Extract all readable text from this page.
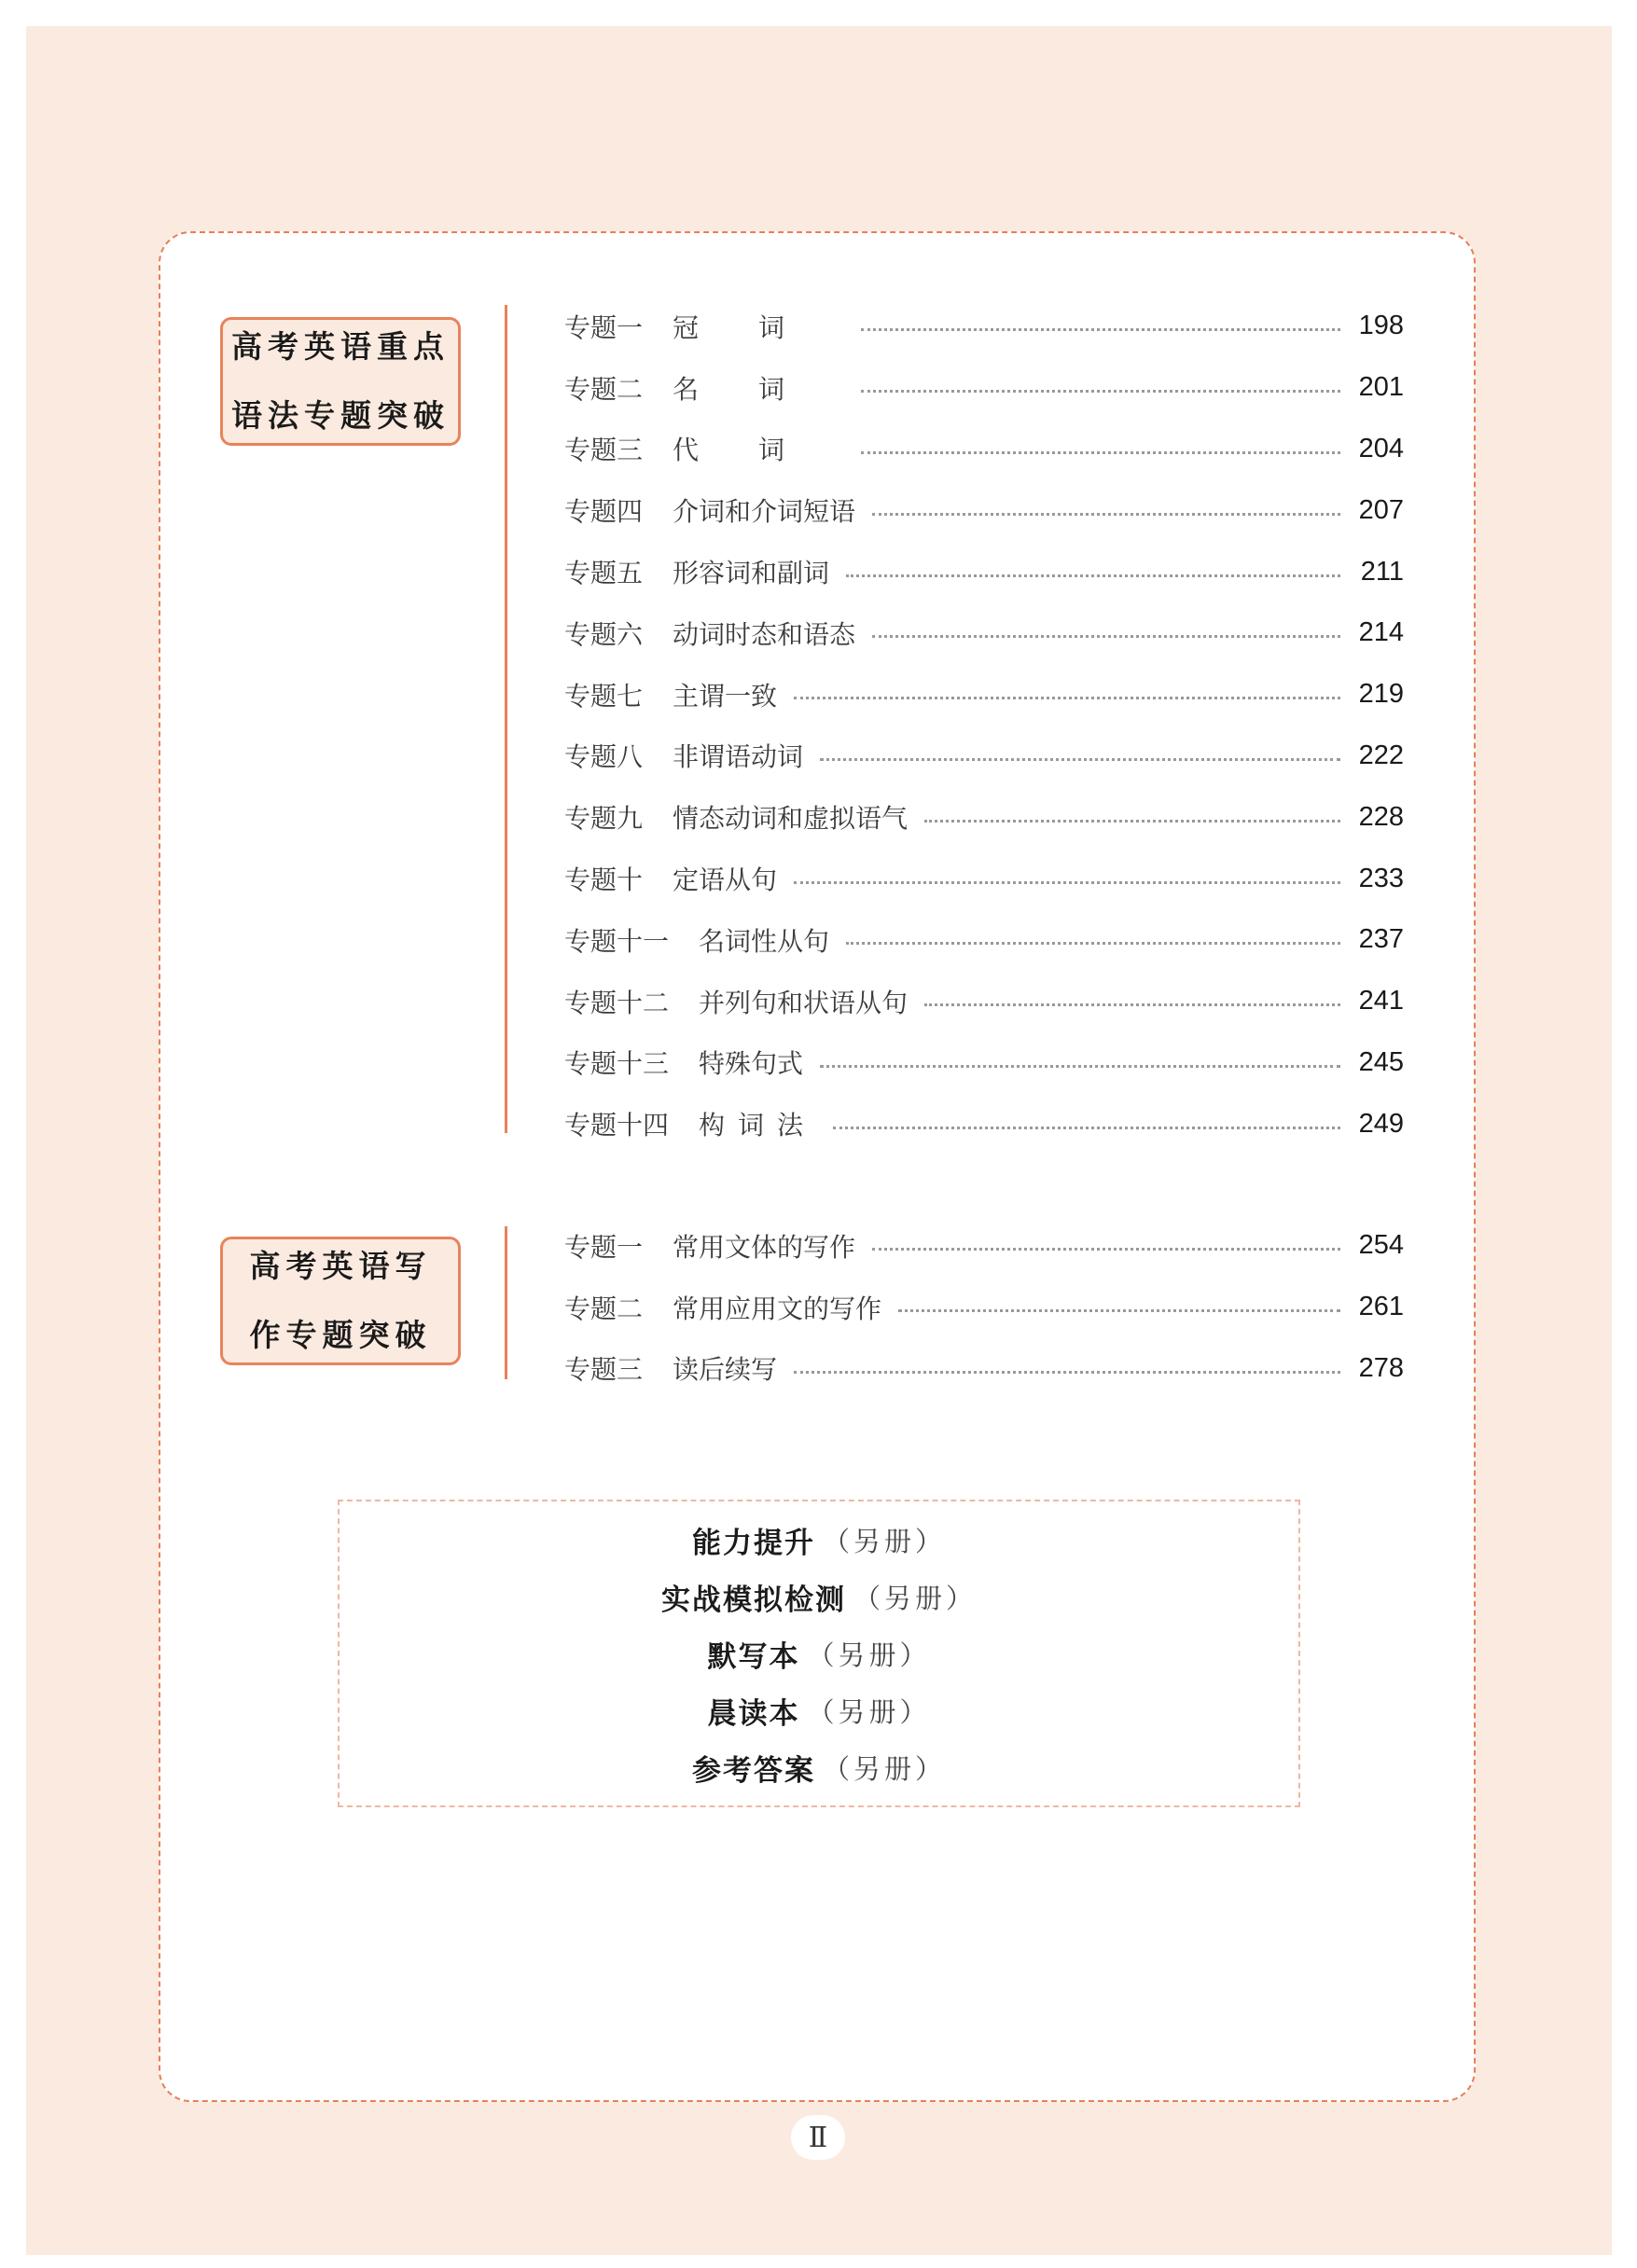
高考英语重点
语法专题突破
专题一 冠词	198
专题二 名词	201
专题三 代词	204
专题四 介词和介词短语	207
专题五 形容词和副词	211
专题六 动词时态和语态	214
专题七 主谓一致	219
专题八 非谓语动词	222
专题九 情态动词和虚拟语气	228
专题十 定语从句	233
专题十一 名词性从句	237
专题十二 并列句和状语从句	241
专题十三 特殊句式	245
专题十四 构词法	249
高考英语写
作专题突破
专题一 常用文体的写作	254
专题二 常用应用文的写作	261
专题三 读后续写	278
能力提升 （另册）
实战模拟检测 （另册）
默写本 （另册）
晨读本 （另册）
参考答案 （另册）
Ⅱ
